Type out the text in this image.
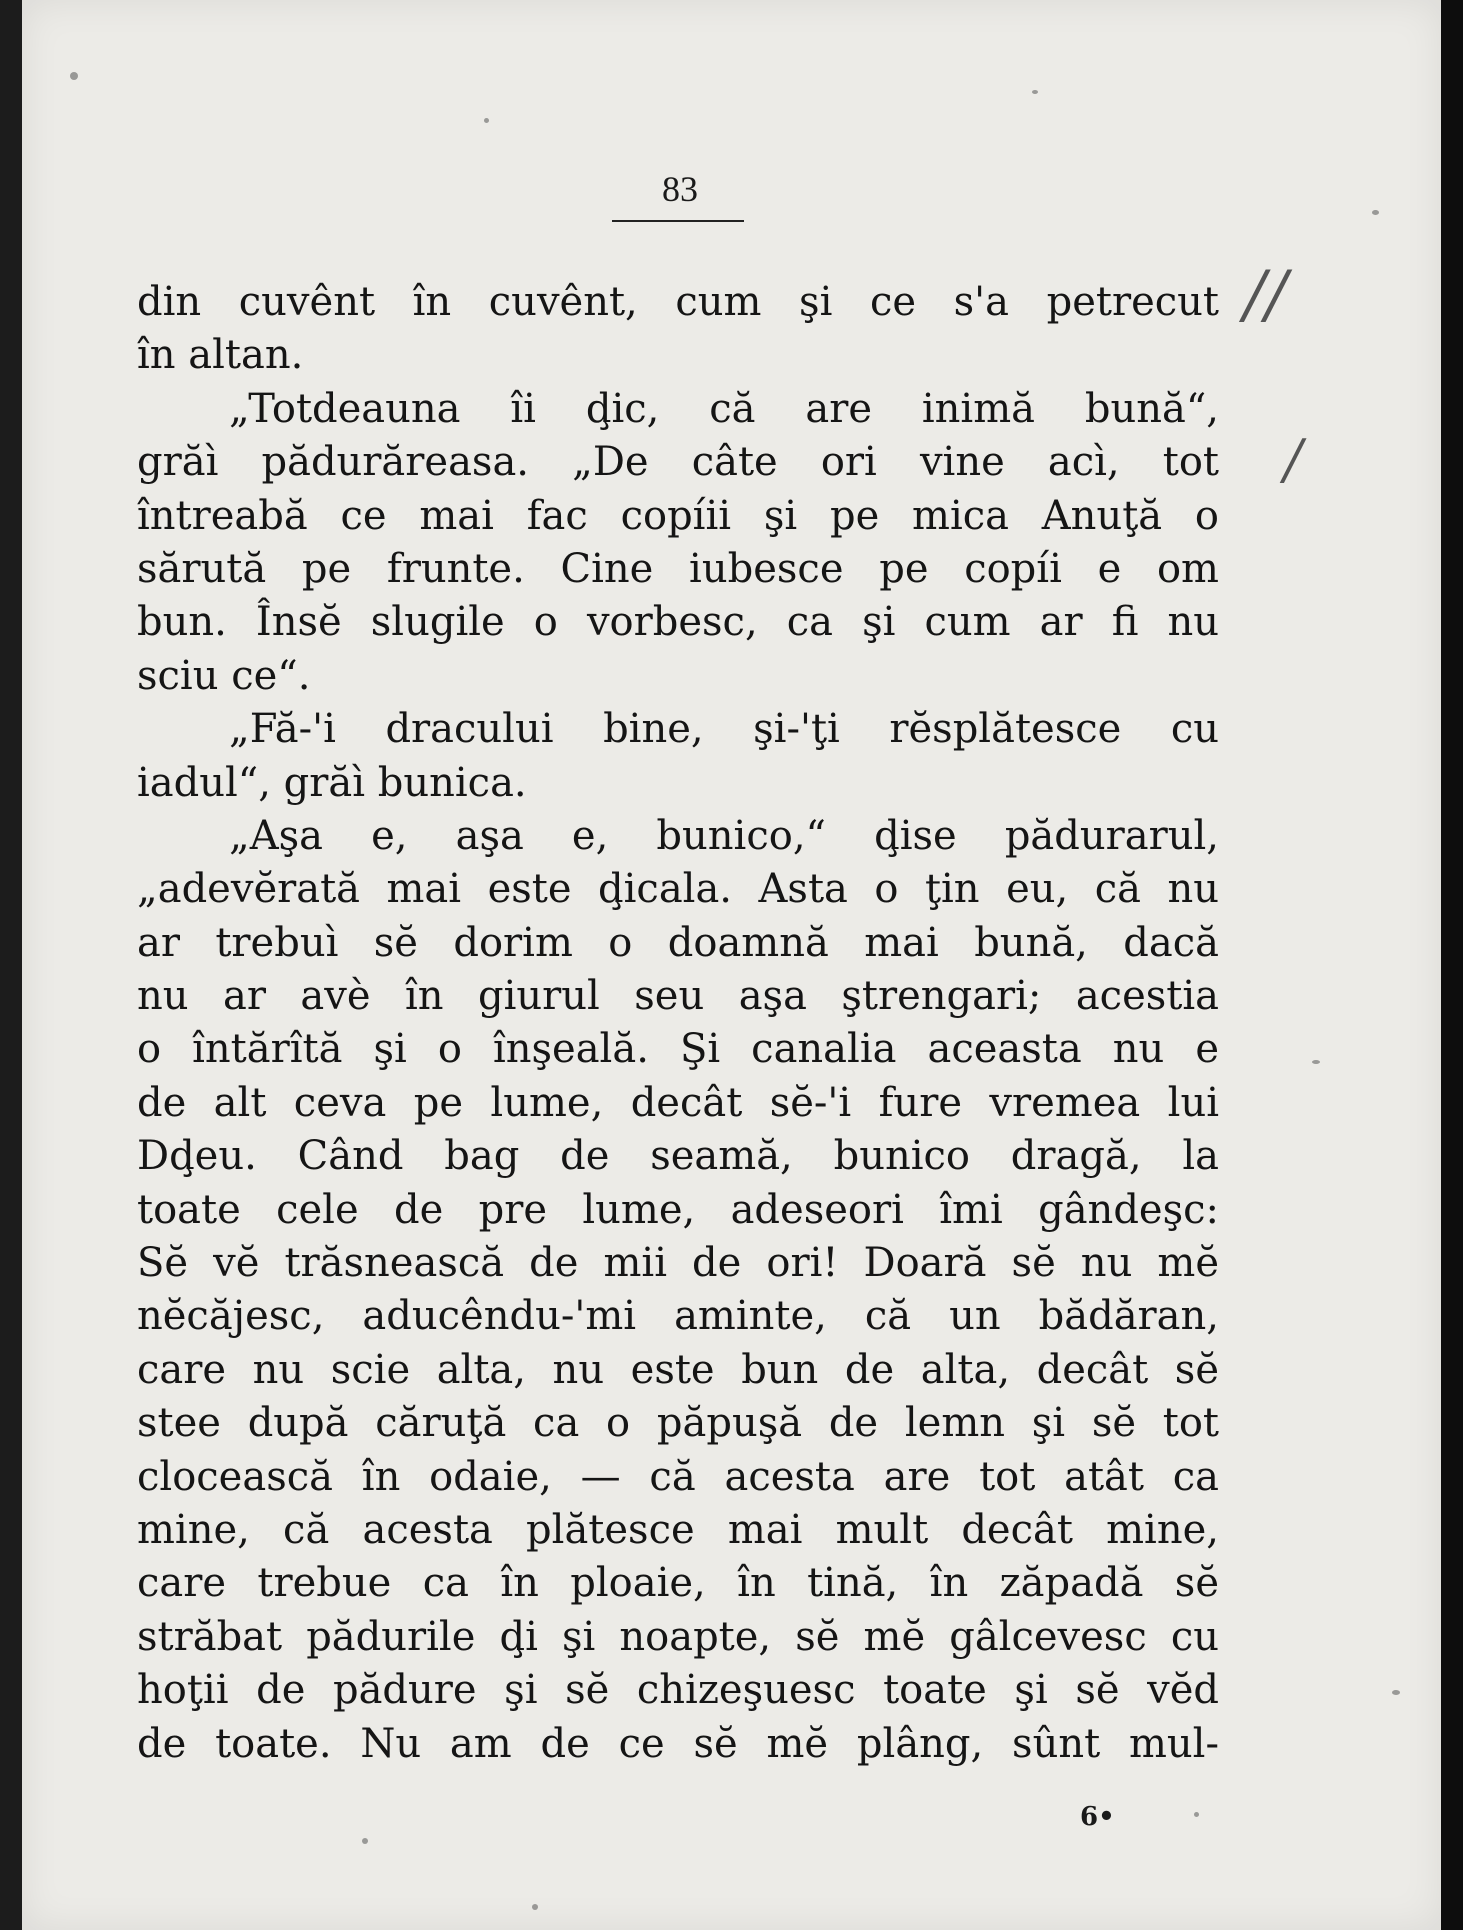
83
din cuvênt în cuvênt, cum şi ce s'a petrecut
în altan.
„Totdeauna îi ḑic, că are inimă bună“,
grăì pădurăreasa. „De câte ori vine acì, tot
întreabă ce mai fac copíii şi pe mica Anuţă o
sărută pe frunte. Cine iubesce pe copíi e om
bun. Însĕ slugile o vorbesc, ca şi cum ar fi nu
sciu ce“.
„Fă-'i dracului bine, şi-'ţi rĕsplătesce cu
iadul“, grăì bunica.
„Aşa e, aşa e, bunico,“ ḑise pădurarul,
„adevĕrată mai este ḑicala. Asta o ţin eu, că nu
ar trebuì sĕ dorim o doamnă mai bună, dacă
nu ar avè în giurul seu aşa ştrengari; acestia
o întărîtă şi o înşeală. Şi canalia aceasta nu e
de alt ceva pe lume, decât sĕ-'i fure vremea lui
Dḑeu. Când bag de seamă, bunico dragă, la
toate cele de pre lume, adeseori îmi gândeşc:
Sĕ vĕ trăsnească de mii de ori! Doară sĕ nu mĕ
nĕcăjesc, aducêndu-'mi aminte, că un bădăran,
care nu scie alta, nu este bun de alta, decât sĕ
stee după căruţă ca o păpuşă de lemn şi sĕ tot
clocească în odaie, — că acesta are tot atât ca
mine, că acesta plătesce mai mult decât mine,
care trebue ca în ploaie, în tină, în zăpadă sĕ
străbat pădurile ḑi şi noapte, sĕ mĕ gâlcevesc cu
hoţii de pădure şi sĕ chizeşuesc toate şi sĕ vĕd
de toate. Nu am de ce sĕ mĕ plâng, sûnt mul-
6•
//
/
